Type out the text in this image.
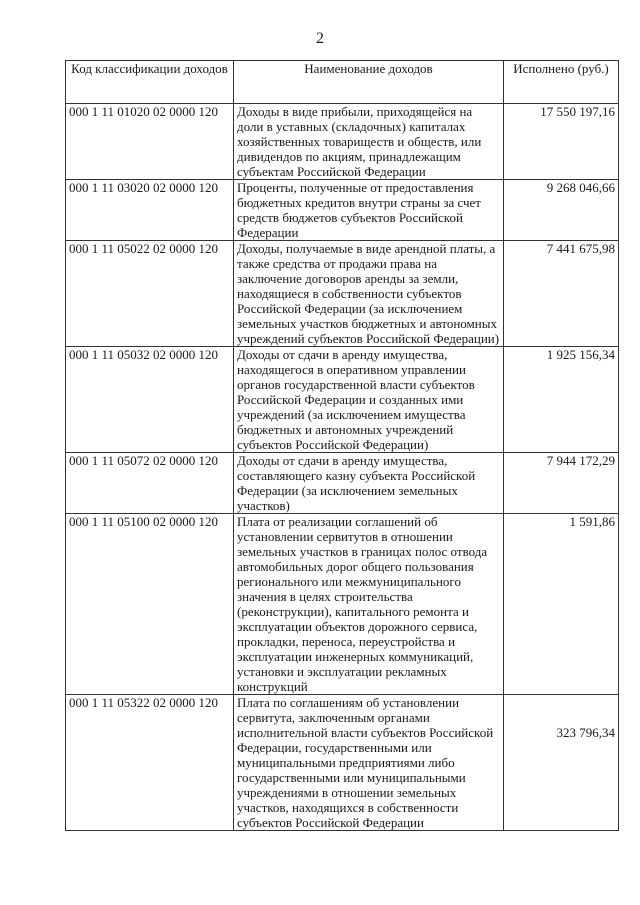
2
Код классификации доходов	Наименование доходов	Исполнено (руб.)
000 1 11 01020 02 0000 120	Доходы в виде прибыли, приходящейся на доли в уставных (складочных) капиталах хозяйственных товариществ и обществ, или дивидендов по акциям, принадлежащим субъектам Российской Федерации	17 550 197,16
000 1 11 03020 02 0000 120	Проценты, полученные от предоставления бюджетных кредитов внутри страны за счет средств бюджетов субъектов Российской Федерации	9 268 046,66
000 1 11 05022 02 0000 120	Доходы, получаемые в виде арендной платы, а также средства от продажи права на заключение договоров аренды за земли, находящиеся в собственности субъектов Российской Федерации (за исключением земельных участков бюджетных и автономных учреждений субъектов Российской Федерации)	7 441 675,98
000 1 11 05032 02 0000 120	Доходы от сдачи в аренду имущества, находящегося в оперативном управлении органов государственной власти субъектов Российской Федерации и созданных ими учреждений (за исключением имущества бюджетных и автономных учреждений субъектов Российской Федерации)	1 925 156,34
000 1 11 05072 02 0000 120	Доходы от сдачи в аренду имущества, составляющего казну субъекта Российской Федерации (за исключением земельных участков)	7 944 172,29
000 1 11 05100 02 0000 120	Плата от реализации соглашений об установлении сервитутов в отношении земельных участков в границах полос отвода автомобильных дорог общего пользования регионального или межмуниципального значения в целях строительства (реконструкции), капитального ремонта и эксплуатации объектов дорожного сервиса, прокладки, переноса, переустройства и эксплуатации инженерных коммуникаций, установки и эксплуатации рекламных конструкций	1 591,86
000 1 11 05322 02 0000 120	Плата по соглашениям об установлении сервитута, заключенным органами исполнительной власти субъектов Российской Федерации, государственными или муниципальными предприятиями либо государственными или муниципальными учреждениями в отношении земельных участков, находящихся в собственности субъектов Российской Федерации	323 796,34
